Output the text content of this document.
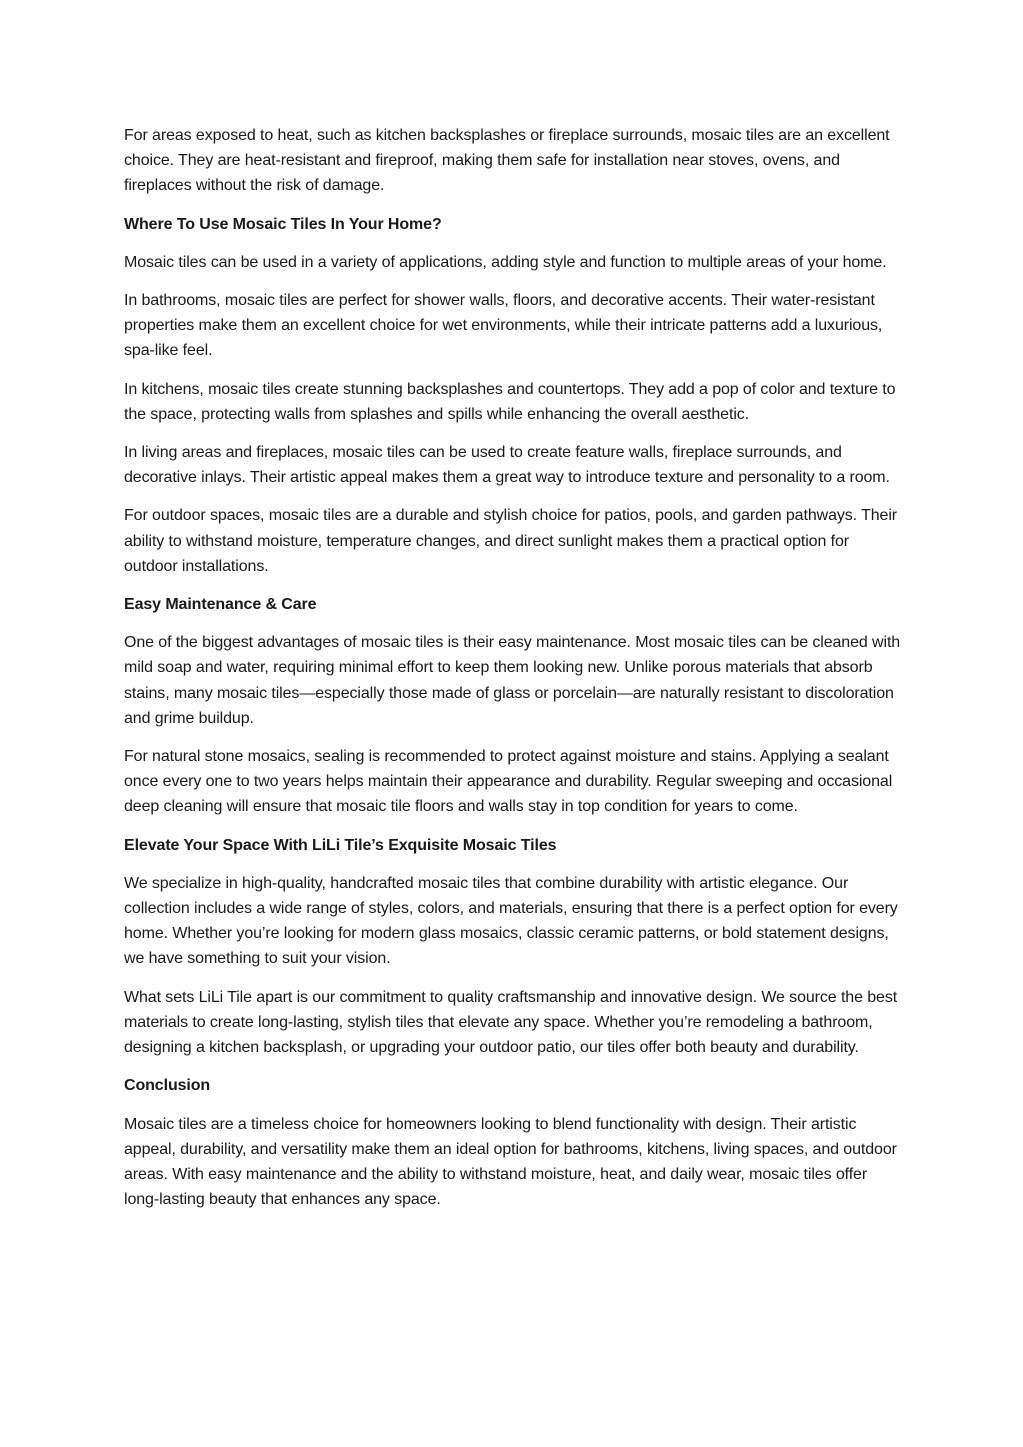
For areas exposed to heat, such as kitchen backsplashes or fireplace surrounds, mosaic tiles are an excellent choice. They are heat-resistant and fireproof, making them safe for installation near stoves, ovens, and fireplaces without the risk of damage.

Where To Use Mosaic Tiles In Your Home?

Mosaic tiles can be used in a variety of applications, adding style and function to multiple areas of your home.

In bathrooms, mosaic tiles are perfect for shower walls, floors, and decorative accents. Their water-resistant properties make them an excellent choice for wet environments, while their intricate patterns add a luxurious, spa-like feel.

In kitchens, mosaic tiles create stunning backsplashes and countertops. They add a pop of color and texture to the space, protecting walls from splashes and spills while enhancing the overall aesthetic.

In living areas and fireplaces, mosaic tiles can be used to create feature walls, fireplace surrounds, and decorative inlays. Their artistic appeal makes them a great way to introduce texture and personality to a room.

For outdoor spaces, mosaic tiles are a durable and stylish choice for patios, pools, and garden pathways. Their ability to withstand moisture, temperature changes, and direct sunlight makes them a practical option for outdoor installations.

Easy Maintenance & Care

One of the biggest advantages of mosaic tiles is their easy maintenance. Most mosaic tiles can be cleaned with mild soap and water, requiring minimal effort to keep them looking new. Unlike porous materials that absorb stains, many mosaic tiles—especially those made of glass or porcelain—are naturally resistant to discoloration and grime buildup.

For natural stone mosaics, sealing is recommended to protect against moisture and stains. Applying a sealant once every one to two years helps maintain their appearance and durability. Regular sweeping and occasional deep cleaning will ensure that mosaic tile floors and walls stay in top condition for years to come.

Elevate Your Space With LiLi Tile’s Exquisite Mosaic Tiles

We specialize in high-quality, handcrafted mosaic tiles that combine durability with artistic elegance. Our collection includes a wide range of styles, colors, and materials, ensuring that there is a perfect option for every home. Whether you’re looking for modern glass mosaics, classic ceramic patterns, or bold statement designs, we have something to suit your vision.

What sets LiLi Tile apart is our commitment to quality craftsmanship and innovative design. We source the best materials to create long-lasting, stylish tiles that elevate any space. Whether you’re remodeling a bathroom, designing a kitchen backsplash, or upgrading your outdoor patio, our tiles offer both beauty and durability.

Conclusion

Mosaic tiles are a timeless choice for homeowners looking to blend functionality with design. Their artistic appeal, durability, and versatility make them an ideal option for bathrooms, kitchens, living spaces, and outdoor areas. With easy maintenance and the ability to withstand moisture, heat, and daily wear, mosaic tiles offer long-lasting beauty that enhances any space.
